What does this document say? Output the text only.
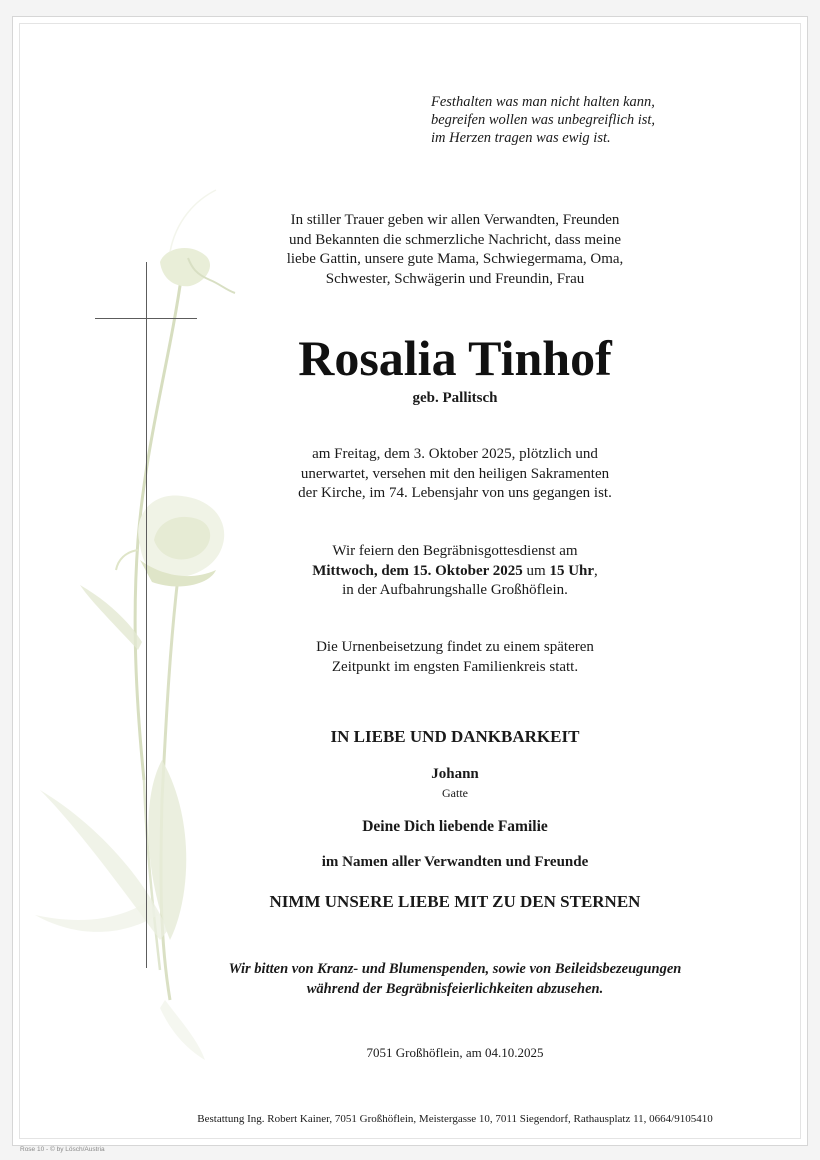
Festhalten was man nicht halten kann,
begreifen wollen was unbegreiflich ist,
im Herzen tragen was ewig ist.
In stiller Trauer geben wir allen Verwandten, Freunden
und Bekannten die schmerzliche Nachricht, dass meine
liebe Gattin, unsere gute Mama, Schwiegermama, Oma,
Schwester, Schwägerin und Freundin, Frau
Rosalia Tinhof
geb. Pallitsch
am Freitag, dem 3. Oktober 2025, plötzlich und
unerwartet, versehen mit den heiligen Sakramenten
der Kirche, im 74. Lebensjahr von uns gegangen ist.
Wir feiern den Begräbnisgottesdienst am
Mittwoch, dem 15. Oktober 2025 um 15 Uhr,
in der Aufbahrungshalle Großhöflein.
Die Urnenbeisetzung findet zu einem späteren
Zeitpunkt im engsten Familienkreis statt.
IN LIEBE UND DANKBARKEIT
Johann
Gatte
Deine Dich liebende Familie
im Namen aller Verwandten und Freunde
NIMM UNSERE LIEBE MIT ZU DEN STERNEN
Wir bitten von Kranz- und Blumenspenden, sowie von Beileidsbezeugungen
während der Begräbnisfeierlichkeiten abzusehen.
7051 Großhöflein, am 04.10.2025
Bestattung Ing. Robert Kainer, 7051 Großhöflein, Meistergasse 10, 7011 Siegendorf, Rathausplatz 11, 0664/9105410
Rose 10 - © by Lösch/Austria
